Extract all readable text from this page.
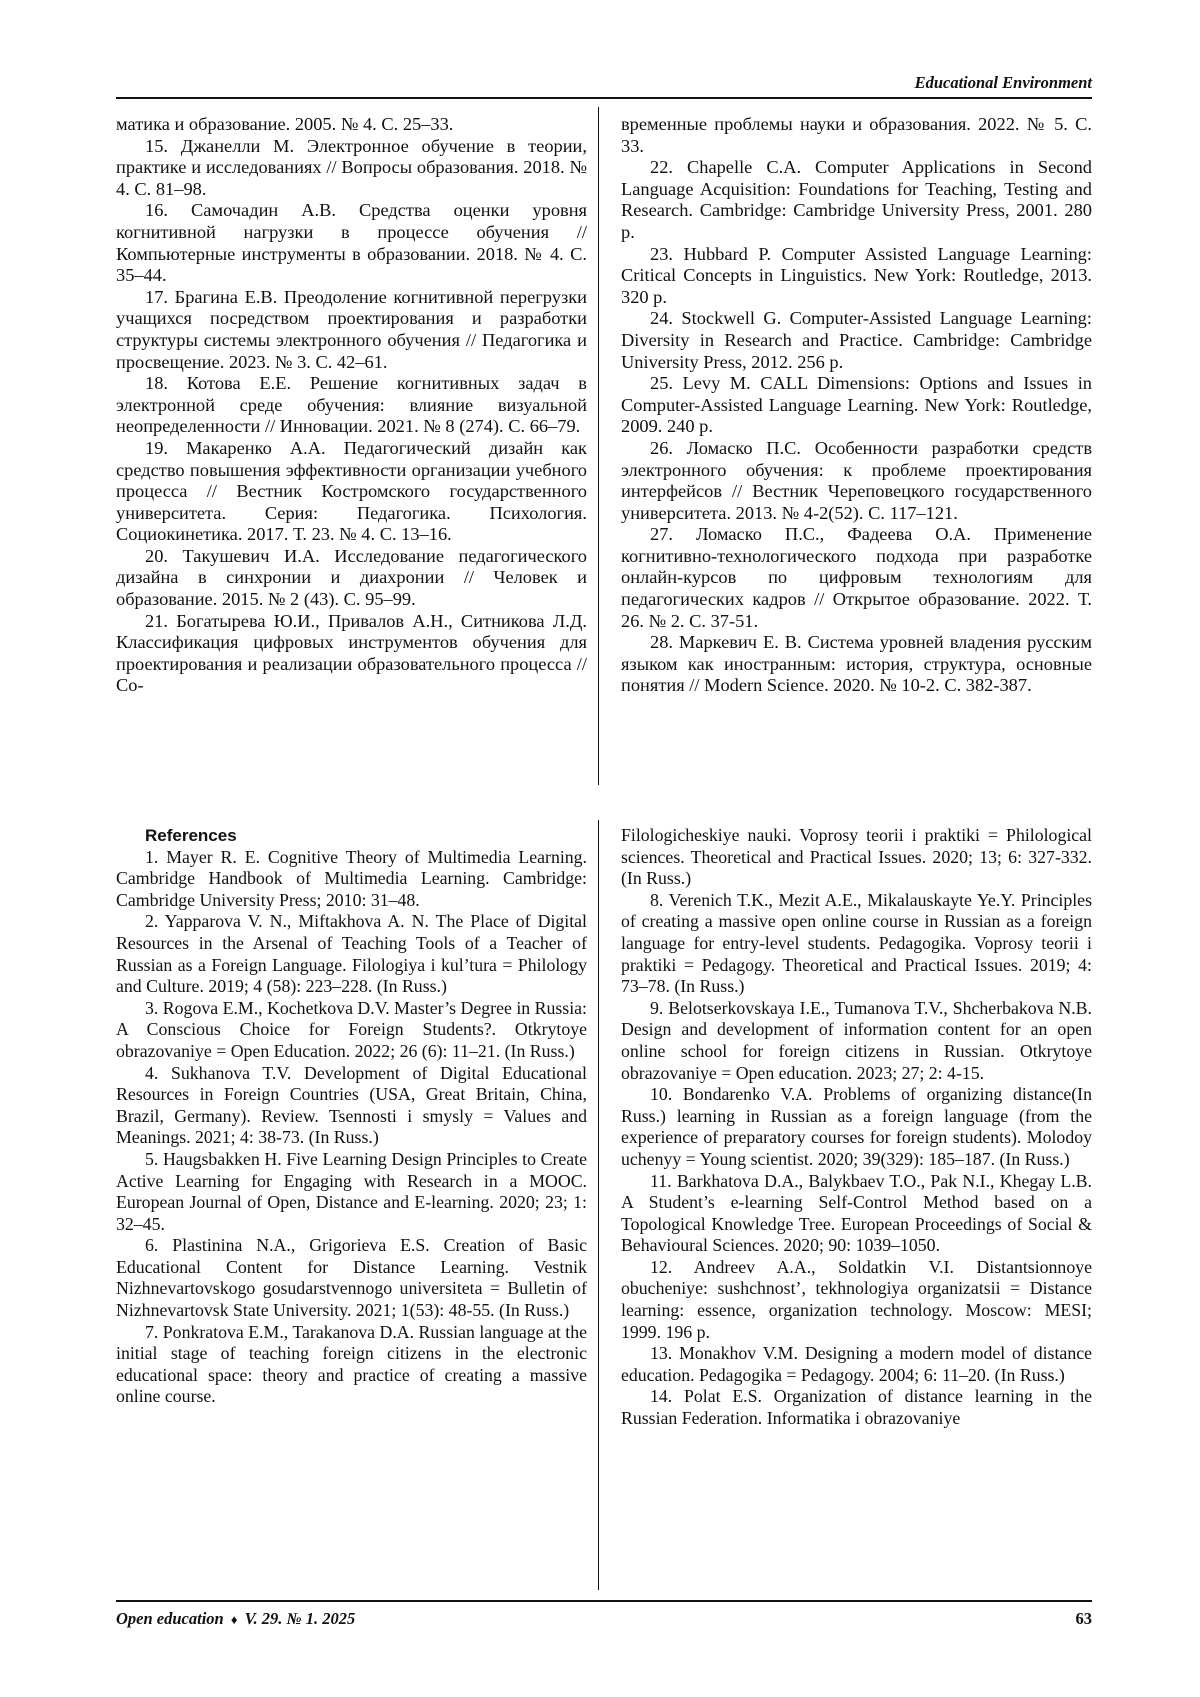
Educational Environment

матика и образование. 2005. № 4. С. 25–33.

15. Джанелли М. Электронное обучение в теории, практике и исследованиях // Вопросы образования. 2018. № 4. С. 81–98.

16. Самочадин А.В. Средства оценки уровня когнитивной нагрузки в процессе обучения // Компьютерные инструменты в образовании. 2018. № 4. С. 35–44.

17. Брагина Е.В. Преодоление когнитивной перегрузки учащихся посредством проектирования и разработки структуры системы электронного обучения // Педагогика и просвещение. 2023. № 3. С. 42–61.

18. Котова Е.Е. Решение когнитивных задач в электронной среде обучения: влияние визуальной неопределенности // Инновации. 2021. № 8 (274). С. 66–79.

19. Макаренко А.А. Педагогический дизайн как средство повышения эффективности организации учебного процесса // Вестник Костромского государственного университета. Серия: Педагогика. Психология. Социокинетика. 2017. Т. 23. № 4. С. 13–16.

20. Такушевич И.А. Исследование педагогического дизайна в синхронии и диахронии // Человек и образование. 2015. № 2 (43). С. 95–99.

21. Богатырева Ю.И., Привалов А.Н., Ситникова Л.Д. Классификация цифровых инструментов обучения для проектирования и реализации образовательного процесса // Со-

временные проблемы науки и образования. 2022. № 5. С. 33.

22. Chapelle C.A. Computer Applications in Second Language Acquisition: Foundations for Teaching, Testing and Research. Cambridge: Cambridge University Press, 2001. 280 p.

23. Hubbard P. Computer Assisted Language Learning: Critical Concepts in Linguistics. New York: Routledge, 2013. 320 p.

24. Stockwell G. Computer-Assisted Language Learning: Diversity in Research and Practice. Cambridge: Cambridge University Press, 2012. 256 p.

25. Levy M. CALL Dimensions: Options and Issues in Computer-Assisted Language Learning. New York: Routledge, 2009. 240 p.

26. Ломаско П.С. Особенности разработки средств электронного обучения: к проблеме проектирования интерфейсов // Вестник Череповецкого государственного университета. 2013. № 4-2(52). С. 117–121.

27. Ломаско П.С., Фадеева О.А. Применение когнитивно-технологического подхода при разработке онлайн-курсов по цифровым технологиям для педагогических кадров // Открытое образование. 2022. Т. 26. № 2. С. 37-51.

28. Маркевич Е. В. Система уровней владения русским языком как иностранным: история, структура, основные понятия // Modern Science. 2020. № 10-2. С. 382-387.

References

1. Mayer R. E. Cognitive Theory of Multimedia Learning. Cambridge Handbook of Multimedia Learning. Cambridge: Cambridge University Press; 2010: 31–48.

2. Yapparova V. N., Miftakhova A. N. The Place of Digital Resources in the Arsenal of Teaching Tools of a Teacher of Russian as a Foreign Language. Filologiya i kul’tura = Philology and Culture. 2019; 4 (58): 223–228. (In Russ.)

3. Rogova E.M., Kochetkova D.V. Master’s Degree in Russia: A Conscious Choice for Foreign Students?. Otkrytoye obrazovaniye = Open Education. 2022; 26 (6): 11–21. (In Russ.)

4. Sukhanova T.V. Development of Digital Educational Resources in Foreign Countries (USA, Great Britain, China, Brazil, Germany). Review. Tsennosti i smysly = Values and Meanings. 2021; 4: 38-73. (In Russ.)

5. Haugsbakken H. Five Learning Design Principles to Create Active Learning for Engaging with Research in a MOOC. European Journal of Open, Distance and E-learning. 2020; 23; 1: 32–45.

6. Plastinina N.A., Grigorieva E.S. Creation of Basic Educational Content for Distance Learning. Vestnik Nizhnevartovskogo gosudarstvennogo universiteta = Bulletin of Nizhnevartovsk State University. 2021; 1(53): 48-55. (In Russ.)

7. Ponkratova E.M., Tarakanova D.A. Russian language at the initial stage of teaching foreign citizens in the electronic educational space: theory and practice of creating a massive online course.

Filologicheskiye nauki. Voprosy teorii i praktiki = Philological sciences. Theoretical and Practical Issues. 2020; 13; 6: 327-332. (In Russ.)

8. Verenich T.K., Mezit A.E., Mikalauskayte Ye.Y. Principles of creating a massive open online course in Russian as a foreign language for entry-level students. Pedagogika. Voprosy teorii i praktiki = Pedagogy. Theoretical and Practical Issues. 2019; 4: 73–78. (In Russ.)

9. Belotserkovskaya I.E., Tumanova T.V., Shcherbakova N.B. Design and development of information content for an open online school for foreign citizens in Russian. Otkrytoye obrazovaniye = Open education. 2023; 27; 2: 4-15.

10. Bondarenko V.A. Problems of organizing distance(In Russ.) learning in Russian as a foreign language (from the experience of preparatory courses for foreign students). Molodoy uchenyy = Young scientist. 2020; 39(329): 185–187. (In Russ.)

11. Barkhatova D.A., Balykbaev T.O., Pak N.I., Khegay L.B. A Student’s e-learning Self-Control Method based on a Topological Knowledge Tree. European Proceedings of Social & Behavioural Sciences. 2020; 90: 1039–1050.

12. Andreev A.A., Soldatkin V.I. Distantsionnoye obucheniye: sushchnost’, tekhnologiya organizatsii = Distance learning: essence, organization technology. Moscow: MESI; 1999. 196 p.

13. Monakhov V.M. Designing a modern model of distance education. Pedagogika = Pedagogy. 2004; 6: 11–20. (In Russ.)

14. Polat E.S. Organization of distance learning in the Russian Federation. Informatika i obrazovaniye

Open education ♦ V. 29. № 1. 2025	63
